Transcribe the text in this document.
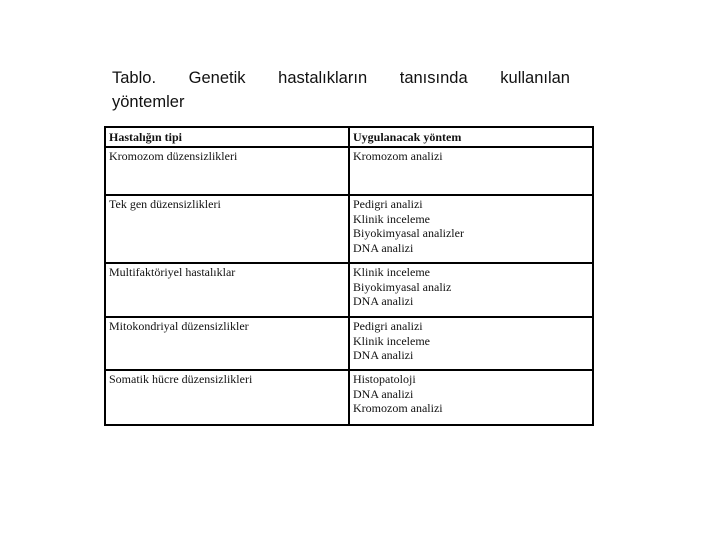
Tablo. Genetik hastalıkların tanısında kullanılan
yöntemler
Hastalığın tipi	Uygulanacak yöntem
Kromozom düzensizlikleri	Kromozom analizi

Tek gen düzensizlikleri	Pedigri analizi
Klinik inceleme
Biyokimyasal analizler
DNA analizi

Multifaktöriyel hastalıklar	Klinik inceleme
Biyokimyasal analiz
DNA analizi

Mitokondriyal düzensizlikler	Pedigri analizi
Klinik inceleme
DNA analizi

Somatik hücre düzensizlikleri	Histopatoloji
DNA analizi
Kromozom analizi
